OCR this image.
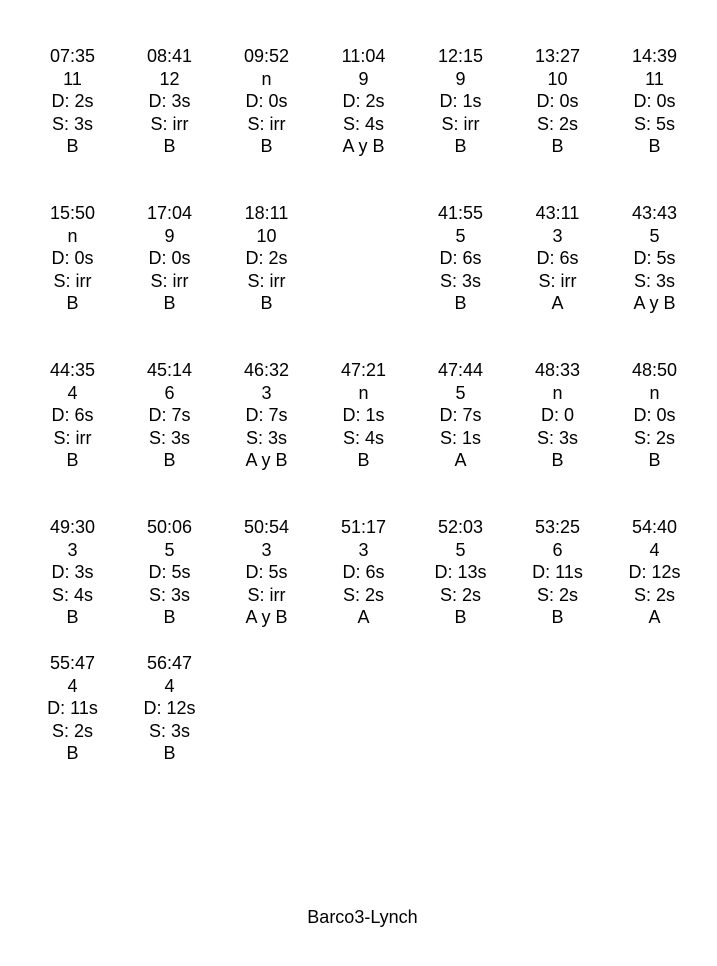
07:35
11
D: 2s
S: 3s
B
08:41
12
D: 3s
S: irr
B
09:52
n
D: 0s
S: irr
B
11:04
9
D: 2s
S: 4s
A y B
12:15
9
D: 1s
S: irr
B
13:27
10
D: 0s
S: 2s
B
14:39
11
D: 0s
S: 5s
B
15:50
n
D: 0s
S: irr
B
17:04
9
D: 0s
S: irr
B
18:11
10
D: 2s
S: irr
B
41:55
5
D: 6s
S: 3s
B
43:11
3
D: 6s
S: irr
A
43:43
5
D: 5s
S: 3s
A y B
44:35
4
D: 6s
S: irr
B
45:14
6
D: 7s
S: 3s
B
46:32
3
D: 7s
S: 3s
A y B
47:21
n
D: 1s
S: 4s
B
47:44
5
D: 7s
S: 1s
A
48:33
n
D: 0
S: 3s
B
48:50
n
D: 0s
S: 2s
B
49:30
3
D: 3s
S: 4s
B
50:06
5
D: 5s
S: 3s
B
50:54
3
D: 5s
S: irr
A y B
51:17
3
D: 6s
S: 2s
A
52:03
5
D: 13s
S: 2s
B
53:25
6
D: 11s
S: 2s
B
54:40
4
D: 12s
S: 2s
A
55:47
4
D: 11s
S: 2s
B
56:47
4
D: 12s
S: 3s
B
Barco3-Lynch
